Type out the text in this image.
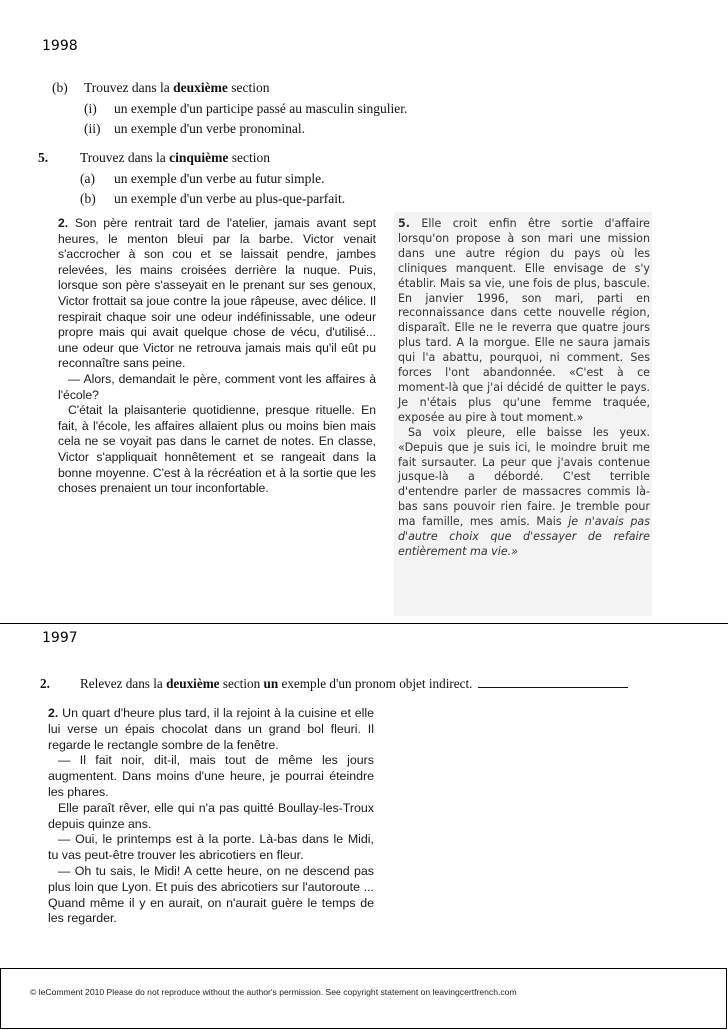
1998
(b) Trouvez dans la deuxième section
(i) un exemple d'un participe passé au masculin singulier.
(ii) un exemple d'un verbe pronominal.
5. Trouvez dans la cinquième section
(a) un exemple d'un verbe au futur simple.
(b) un exemple d'un verbe au plus-que-parfait.

2. Son père rentrait tard de l'atelier, jamais avant sept heures, le menton bleui par la barbe. Victor venait s'accrocher à son cou et se laissait pendre, jambes relevées, les mains croisées derrière la nuque. Puis, lorsque son père s'asseyait en le prenant sur ses genoux, Victor frottait sa joue contre la joue râpeuse, avec délice. Il respirait chaque soir une odeur indéfinissable, une odeur propre mais qui avait quelque chose de vécu, d'utilisé... une odeur que Victor ne retrouva jamais mais qu'il eût pu reconnaître sans peine.

— Alors, demandait le père, comment vont les affaires à l'école?

C'était la plaisanterie quotidienne, presque rituelle. En fait, à l'école, les affaires allaient plus ou moins bien mais cela ne se voyait pas dans le carnet de notes. En classe, Victor s'appliquait honnêtement et se rangeait dans la bonne moyenne. C'est à la récréation et à la sortie que les choses prenaient un tour inconfortable.

5. Elle croit enfin être sortie d'affaire lorsqu'on propose à son mari une mission dans une autre région du pays où les cliniques manquent. Elle envisage de s'y établir. Mais sa vie, une fois de plus, bascule. En janvier 1996, son mari, parti en reconnaissance dans cette nouvelle région, disparaît. Elle ne le reverra que quatre jours plus tard. A la morgue. Elle ne saura jamais qui l'a abattu, pourquoi, ni comment. Ses forces l'ont abandonnée. «C'est à ce moment-là que j'ai décidé de quitter le pays. Je n'étais plus qu'une femme traquée, exposée au pire à tout moment.»

Sa voix pleure, elle baisse les yeux. «Depuis que je suis ici, le moindre bruit me fait sursauter. La peur que j'avais contenue jusque-là a débordé. C'est terrible d'entendre parler de massacres commis là-bas sans pouvoir rien faire. Je tremble pour ma famille, mes amis. Mais je n'avais pas d'autre choix que d'essayer de refaire entièrement ma vie.»

1997
2. Relevez dans la deuxième section un exemple d'un pronom objet indirect.

2. Un quart d'heure plus tard, il la rejoint à la cuisine et elle lui verse un épais chocolat dans un grand bol fleuri. Il regarde le rectangle sombre de la fenêtre.

— Il fait noir, dit-il, mais tout de même les jours augmentent. Dans moins d'une heure, je pourrai éteindre les phares.

Elle paraît rêver, elle qui n'a pas quitté Boullay-les-Troux depuis quinze ans.

— Oui, le printemps est à la porte. Là-bas dans le Midi, tu vas peut-être trouver les abricotiers en fleur.

— Oh tu sais, le Midi! A cette heure, on ne descend pas plus loin que Lyon. Et puis des abricotiers sur l'autoroute ... Quand même il y en aurait, on n'aurait guère le temps de les regarder.

© leComment 2010 Please do not reproduce without the author's permission. See copyright statement on leavingcertfrench.com
